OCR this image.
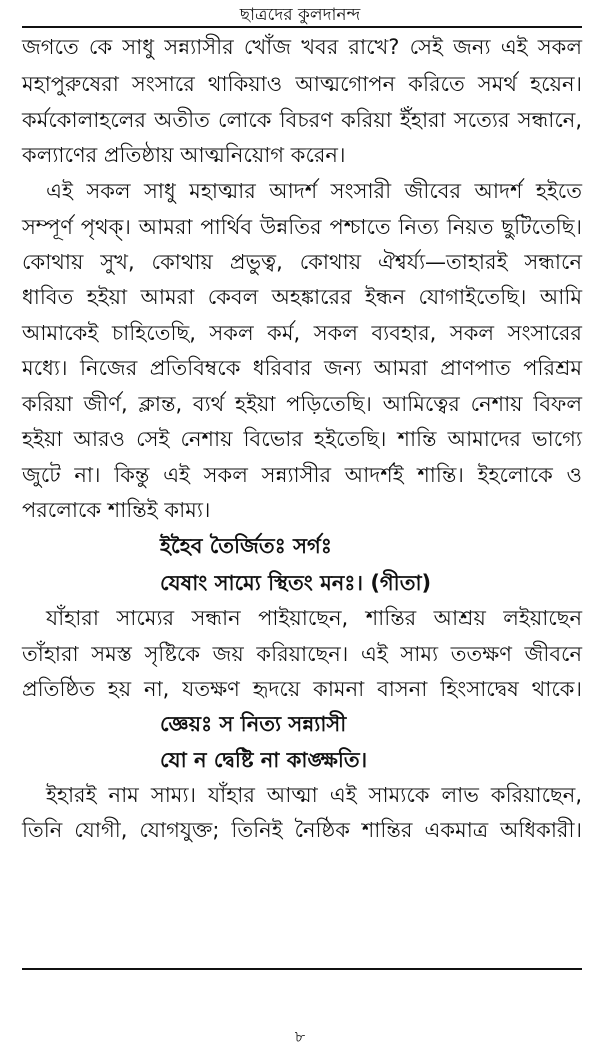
ছাত্রদের কুলদানন্দ
জগতে কে সাধু সন্ন্যাসীর খোঁজ খবর রাখে? সেই জন্য এই সকল
মহাপুরুষেরা সংসারে থাকিয়াও আত্মগোপন করিতে সমর্থ হয়েন।
কর্মকোলাহলের অতীত লোকে বিচরণ করিয়া ইঁহারা সত্যের সন্ধানে,
কল্যাণের প্রতিষ্ঠায় আত্মনিয়োগ করেন।
এই সকল সাধু মহাত্মার আদর্শ সংসারী জীবের আদর্শ হইতে
সম্পূর্ণ পৃথক্। আমরা পার্থিব উন্নতির পশ্চাতে নিত্য নিয়ত ছুটিতেছি।
কোথায় সুখ, কোথায় প্রভুত্ব, কোথায় ঐশ্বর্য্য—তাহারই সন্ধানে
ধাবিত হইয়া আমরা কেবল অহঙ্কারের ইন্ধন যোগাইতেছি। আমি
আমাকেই চাহিতেছি, সকল কর্ম, সকল ব্যবহার, সকল সংসারের
মধ্যে। নিজের প্রতিবিম্বকে ধরিবার জন্য আমরা প্রাণপাত পরিশ্রম
করিয়া জীর্ণ, ক্লান্ত, ব্যর্থ হইয়া পড়িতেছি। আমিত্বের নেশায় বিফল
হইয়া আরও সেই নেশায় বিভোর হইতেছি। শান্তি আমাদের ভাগ্যে
জুটে না। কিন্তু এই সকল সন্ন্যাসীর আদর্শই শান্তি। ইহলোকে ও
পরলোকে শান্তিই কাম্য।
ইহৈব তৈর্জিতঃ সর্গঃ
যেষাং সাম্যে স্থিতং মনঃ। (গীতা)
যাঁহারা সাম্যের সন্ধান পাইয়াছেন, শান্তির আশ্রয় লইয়াছেন
তাঁহারা সমস্ত সৃষ্টিকে জয় করিয়াছেন। এই সাম্য ততক্ষণ জীবনে
প্রতিষ্ঠিত হয় না, যতক্ষণ হৃদয়ে কামনা বাসনা হিংসাদ্বেষ থাকে।
জ্ঞেয়ঃ স নিত্য সন্ন্যাসী
যো ন দ্বেষ্টি না কাঙ্ক্ষতি।
ইহারই নাম সাম্য। যাঁহার আত্মা এই সাম্যকে লাভ করিয়াছেন,
তিনি যোগী, যোগযুক্ত; তিনিই নৈষ্ঠিক শান্তির একমাত্র অধিকারী।
৮
